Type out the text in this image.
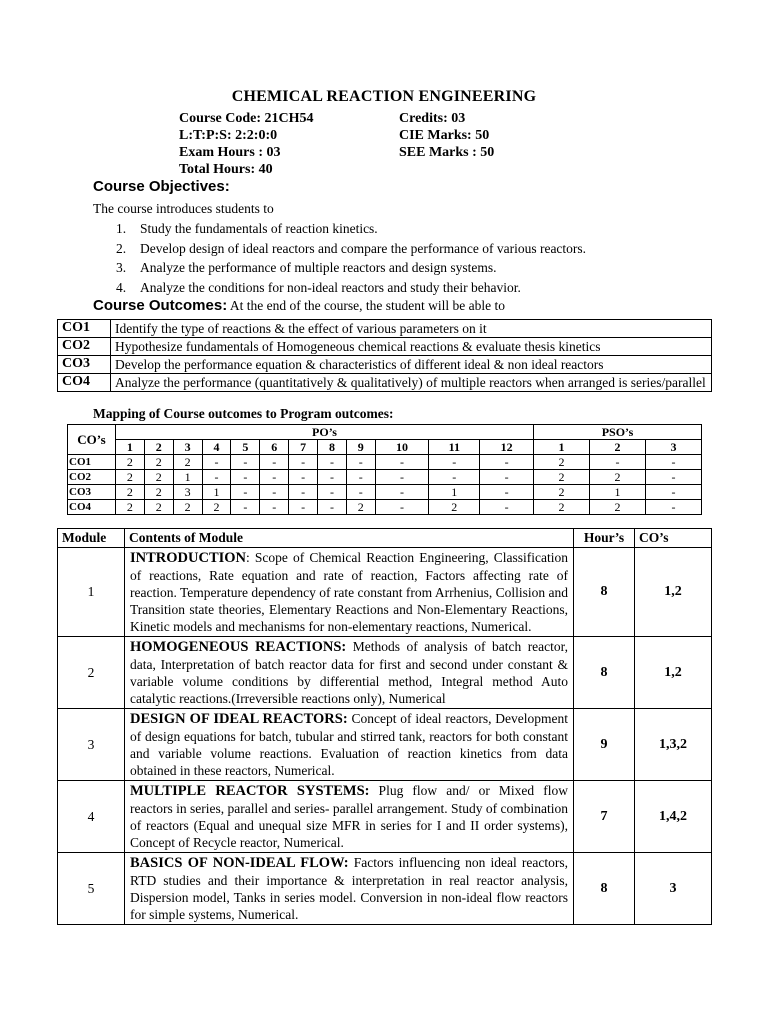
CHEMICAL REACTION ENGINEERING
Course Code: 21CH54
L:T:P:S: 2:2:0:0
Exam Hours : 03
Total Hours: 40
Credits: 03
CIE Marks: 50
SEE Marks : 50
Course Objectives:
The course introduces students to
1. Study the fundamentals of reaction kinetics.
2. Develop design of ideal reactors and compare the performance of various reactors.
3. Analyze the performance of multiple reactors and design systems.
4. Analyze the conditions for non-ideal reactors and study their behavior.
Course Outcomes: At the end of the course, the student will be able to
CO1	Identify the type of reactions & the effect of various parameters on it
CO2	Hypothesize fundamentals of Homogeneous chemical reactions & evaluate thesis kinetics
CO3	Develop the performance equation & characteristics of different ideal & non ideal reactors
CO4	Analyze the performance (quantitatively & qualitatively) of multiple reactors when arranged is series/parallel
Mapping of Course outcomes to Program outcomes:
CO’s	PO’s												PSO’s		
	1	2	3	4	5	6	7	8	9	10	11	12	1	2	3
CO1	2	2	2	-	-	-	-	-	-	-	-	-	2	-	-
CO2	2	2	1	-	-	-	-	-	-	-	-	-	2	2	-
CO3	2	2	3	1	-	-	-	-	-	-	1	-	2	1	-
CO4	2	2	2	2	-	-	-	-	2	-	2	-	2	2	-
Module	Contents of Module	Hour’s	CO’s
1	INTRODUCTION: Scope of Chemical Reaction Engineering, Classification of reactions, Rate equation and rate of reaction, Factors affecting rate of reaction. Temperature dependency of rate constant from Arrhenius, Collision and Transition state theories, Elementary Reactions and Non-Elementary Reactions, Kinetic models and mechanisms for non-elementary reactions, Numerical.	8	1,2
2	HOMOGENEOUS REACTIONS: Methods of analysis of batch reactor, data, Interpretation of batch reactor data for first and second under constant & variable volume conditions by differential method, Integral method Auto catalytic reactions.(Irreversible reactions only), Numerical	8	1,2
3	DESIGN OF IDEAL REACTORS: Concept of ideal reactors, Development of design equations for batch, tubular and stirred tank, reactors for both constant and variable volume reactions. Evaluation of reaction kinetics from data obtained in these reactors, Numerical.	9	1,3,2
4	MULTIPLE REACTOR SYSTEMS: Plug flow and/ or Mixed flow reactors in series, parallel and series- parallel arrangement. Study of combination of reactors (Equal and unequal size MFR in series for I and II order systems), Concept of Recycle reactor, Numerical.	7	1,4,2
5	BASICS OF NON-IDEAL FLOW: Factors influencing non ideal reactors, RTD studies and their importance & interpretation in real reactor analysis, Dispersion model, Tanks in series model. Conversion in non-ideal flow reactors for simple systems, Numerical.	8	3
